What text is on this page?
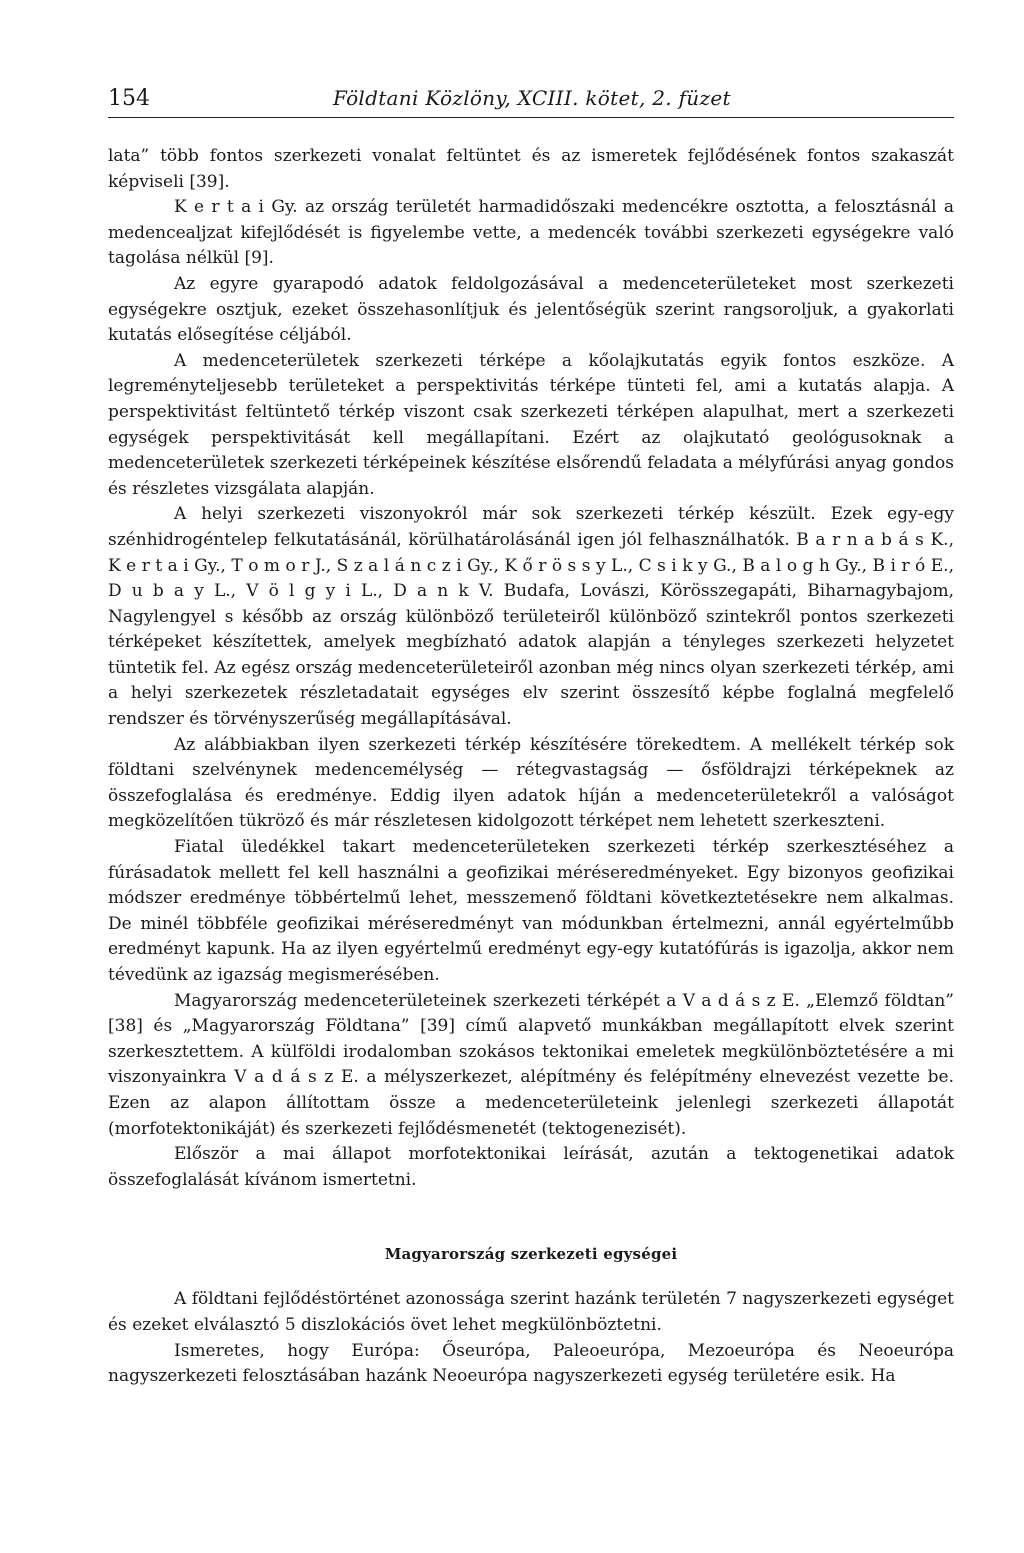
154	Földtani Közlöny, XCIII. kötet, 2. füzet

lata” több fontos szerkezeti vonalat feltüntet és az ismeretek fejlődésének fontos szakaszát képviseli [39].

K e r t a i Gy. az ország területét harmadidőszaki medencékre osztotta, a felosztásnál a medencealjzat kifejlődését is figyelembe vette, a medencék további szerkezeti egységekre való tagolása nélkül [9].

Az egyre gyarapodó adatok feldolgozásával a medenceterületeket most szerkezeti egységekre osztjuk, ezeket összehasonlítjuk és jelentőségük szerint rangsoroljuk, a gyakorlati kutatás elősegítése céljából.

A medenceterületek szerkezeti térképe a kőolajkutatás egyik fontos eszköze. A legreményteljesebb területeket a perspektivitás térképe tünteti fel, ami a kutatás alapja. A perspektivitást feltüntető térkép viszont csak szerkezeti térképen alapulhat, mert a szerkezeti egységek perspektivitását kell megállapítani. Ezért az olajkutató geológusoknak a medenceterületek szerkezeti térképeinek készítése elsőrendű feladata a mélyfúrási anyag gondos és részletes vizsgálata alapján.

A helyi szerkezeti viszonyokról már sok szerkezeti térkép készült. Ezek egy-egy szénhidrogéntelep felkutatásánál, körülhatárolásánál igen jól felhasználhatók. B a r n a b á s K., K e r t a i Gy., T o m o r J., S z a l á n c z i Gy., K ő r ö s s y L., C s i k y G., B a l o g h Gy., B i r ó E., D u b a y L., V ö l g y i L., D a n k V. Budafa, Lovászi, Körösszegapáti, Biharnagybajom, Nagylengyel s később az ország különböző területeiről különböző szintekről pontos szerkezeti térképeket készítettek, amelyek megbízható adatok alapján a tényleges szerkezeti helyzetet tüntetik fel. Az egész ország medenceterületeiről azonban még nincs olyan szerkezeti térkép, ami a helyi szerkezetek részletadatait egységes elv szerint összesítő képbe foglalná megfelelő rendszer és törvényszerűség megállapításával.

Az alábbiakban ilyen szerkezeti térkép készítésére törekedtem. A mellékelt térkép sok földtani szelvénynek medencemélység — rétegvastagság — ősföldrajzi térképeknek az összefoglalása és eredménye. Eddig ilyen adatok híján a medenceterületekről a valóságot megközelítően tükröző és már részletesen kidolgozott térképet nem lehetett szerkeszteni.

Fiatal üledékkel takart medenceterületeken szerkezeti térkép szerkesztéséhez a fúrásadatok mellett fel kell használni a geofizikai méréseredményeket. Egy bizonyos geofizikai módszer eredménye többértelmű lehet, messzemenő földtani következtetésekre nem alkalmas. De minél többféle geofizikai méréseredményt van módunkban értelmezni, annál egyértelműbb eredményt kapunk. Ha az ilyen egyértelmű eredményt egy-egy kutatófúrás is igazolja, akkor nem tévedünk az igazság megismerésében.

Magyarország medenceterületeinek szerkezeti térképét a V a d á s z E. „Elemző földtan” [38] és „Magyarország Földtana” [39] című alapvető munkákban megállapított elvek szerint szerkesztettem. A külföldi irodalomban szokásos tektonikai emeletek megkülönböztetésére a mi viszonyainkra V a d á s z E. a mélyszerkezet, alépítmény és felépítmény elnevezést vezette be. Ezen az alapon állítottam össze a medenceterületeink jelenlegi szerkezeti állapotát (morfotektonikáját) és szerkezeti fejlődésmenetét (tektogenezisét).

Először a mai állapot morfotektonikai leírását, azután a tektogenetikai adatok összefoglalását kívánom ismertetni.

Magyarország szerkezeti egységei

A földtani fejlődéstörténet azonossága szerint hazánk területén 7 nagyszerkezeti egységet és ezeket elválasztó 5 diszlokációs övet lehet megkülönböztetni.

Ismeretes, hogy Európa: Őseurópa, Paleoeurópa, Mezoeurópa és Neoeurópa nagyszerkezeti felosztásában hazánk Neoeurópa nagyszerkezeti egység területére esik. Ha
